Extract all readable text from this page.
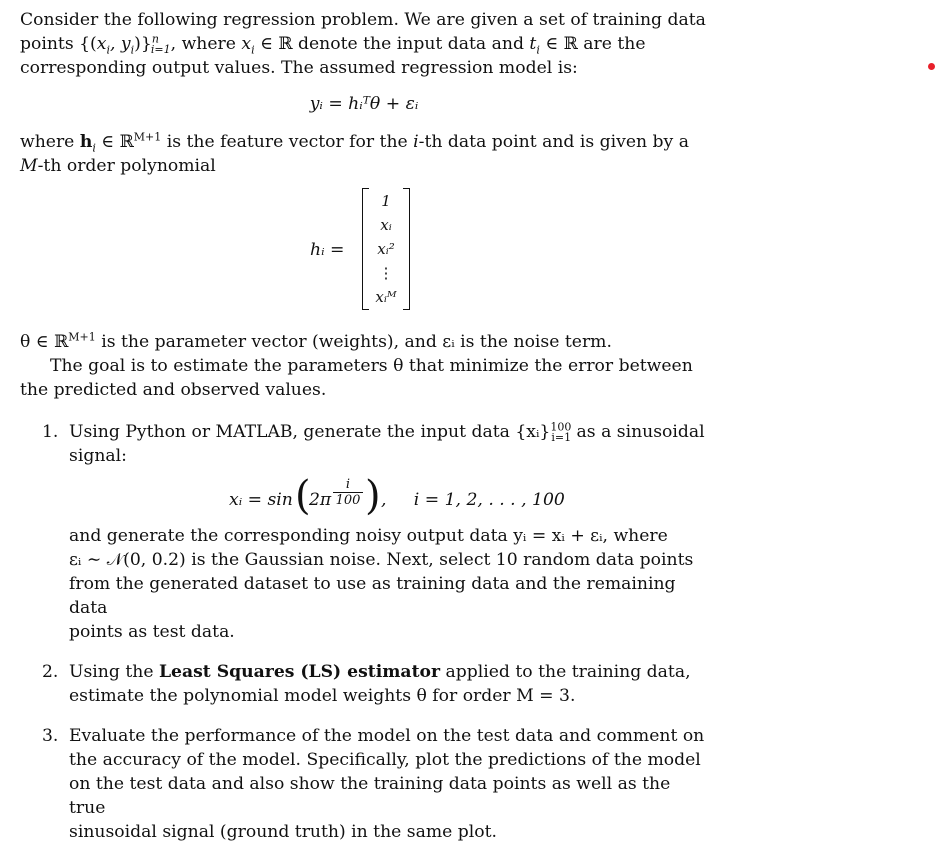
Consider the following regression problem. We are given a set of training data
points {($x_i$, $y_i)\}^n_{i=1}$, where $x_i$ ∈ ℝ denote the input data and $t_i$ ∈ ℝ are the
corresponding output values. The assumed regression model is:

yᵢ = hᵢᵀθ + εᵢ

where $h_i$ ∈ ℝ$^{M+1}$ is the feature vector for the i-th data point and is given by a
M-th order polynomial

hᵢ =
1
xᵢ
xᵢ²
⋮
xᵢᴹ

θ ∈ ℝ$^{M+1}$ is the parameter vector (weights), and εᵢ is the noise term.
The goal is to estimate the parameters θ that minimize the error between
the predicted and observed values.

1. Using Python or MATLAB, generate the input data {xᵢ}$^{100}_{i=1}$ as a sinusoidal
signal:
xᵢ = sin (
$2\pi \frac{i}{100}$ ) ,     i = 1, 2, . . . , 100
and generate the corresponding noisy output data yᵢ = xᵢ + εᵢ, where
εᵢ ∼ 𝒩(0, 0.2) is the Gaussian noise. Next, select 10 random data points
from the generated dataset to use as training data and the remaining data
points as test data.
2. Using the Least Squares (LS) estimator applied to the training data,
estimate the polynomial model weights θ for order M = 3.
3. Evaluate the performance of the model on the test data and comment on
the accuracy of the model. Specifically, plot the predictions of the model
on the test data and also show the training data points as well as the true
sinusoidal signal (ground truth) in the same plot.
